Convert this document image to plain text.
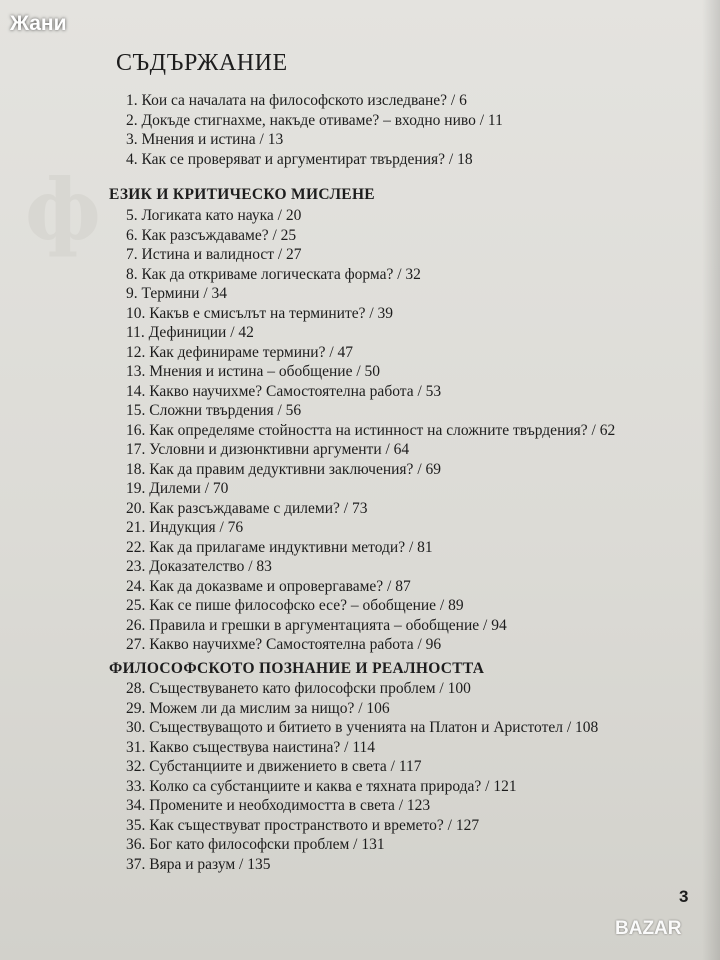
ф
Жани
СЪДЪРЖАНИЕ
1. Кои са началата на философското изследване? / 6
2. Докъде стигнахме, накъде отиваме? – входно ниво / 11
3. Мнения и истина / 13
4. Как се проверяват и аргументират твърдения? / 18
ЕЗИК И КРИТИЧЕСКО МИСЛЕНЕ
5. Логиката като наука / 20
6. Как разсъждаваме? / 25
7. Истина и валидност / 27
8. Как да откриваме логическата форма? / 32
9. Термини / 34
10. Какъв е смисълът на термините? / 39
11. Дефиниции / 42
12. Как дефинираме термини? / 47
13. Мнения и истина – обобщение / 50
14. Какво научихме? Самостоятелна работа / 53
15. Сложни твърдения / 56
16. Как определяме стойността на истинност на сложните твърдения? / 62
17. Условни и дизюнктивни аргументи / 64
18. Как да правим дедуктивни заключения? / 69
19. Дилеми / 70
20. Как разсъждаваме с дилеми? / 73
21. Индукция / 76
22. Как да прилагаме индуктивни методи? / 81
23. Доказателство / 83
24. Как да доказваме и опровергаваме? / 87
25. Как се пише философско есе? – обобщение / 89
26. Правила и грешки в аргументацията – обобщение / 94
27. Какво научихме? Самостоятелна работа / 96
ФИЛОСОФСКОТО ПОЗНАНИЕ И РЕАЛНОСТТА
28. Съществуването като философски проблем / 100
29. Можем ли да мислим за нищо? / 106
30. Съществуващото и битието в ученията на Платон и Аристотел / 108
31. Какво съществува наистина? / 114
32. Субстанциите и движението в света / 117
33. Колко са субстанциите и каква е тяхната природа? / 121
34. Промените и необходимостта в света / 123
35. Как съществуват пространството и времето? / 127
36. Бог като философски проблем / 131
37. Вяра и разум / 135
3
BAZAR
